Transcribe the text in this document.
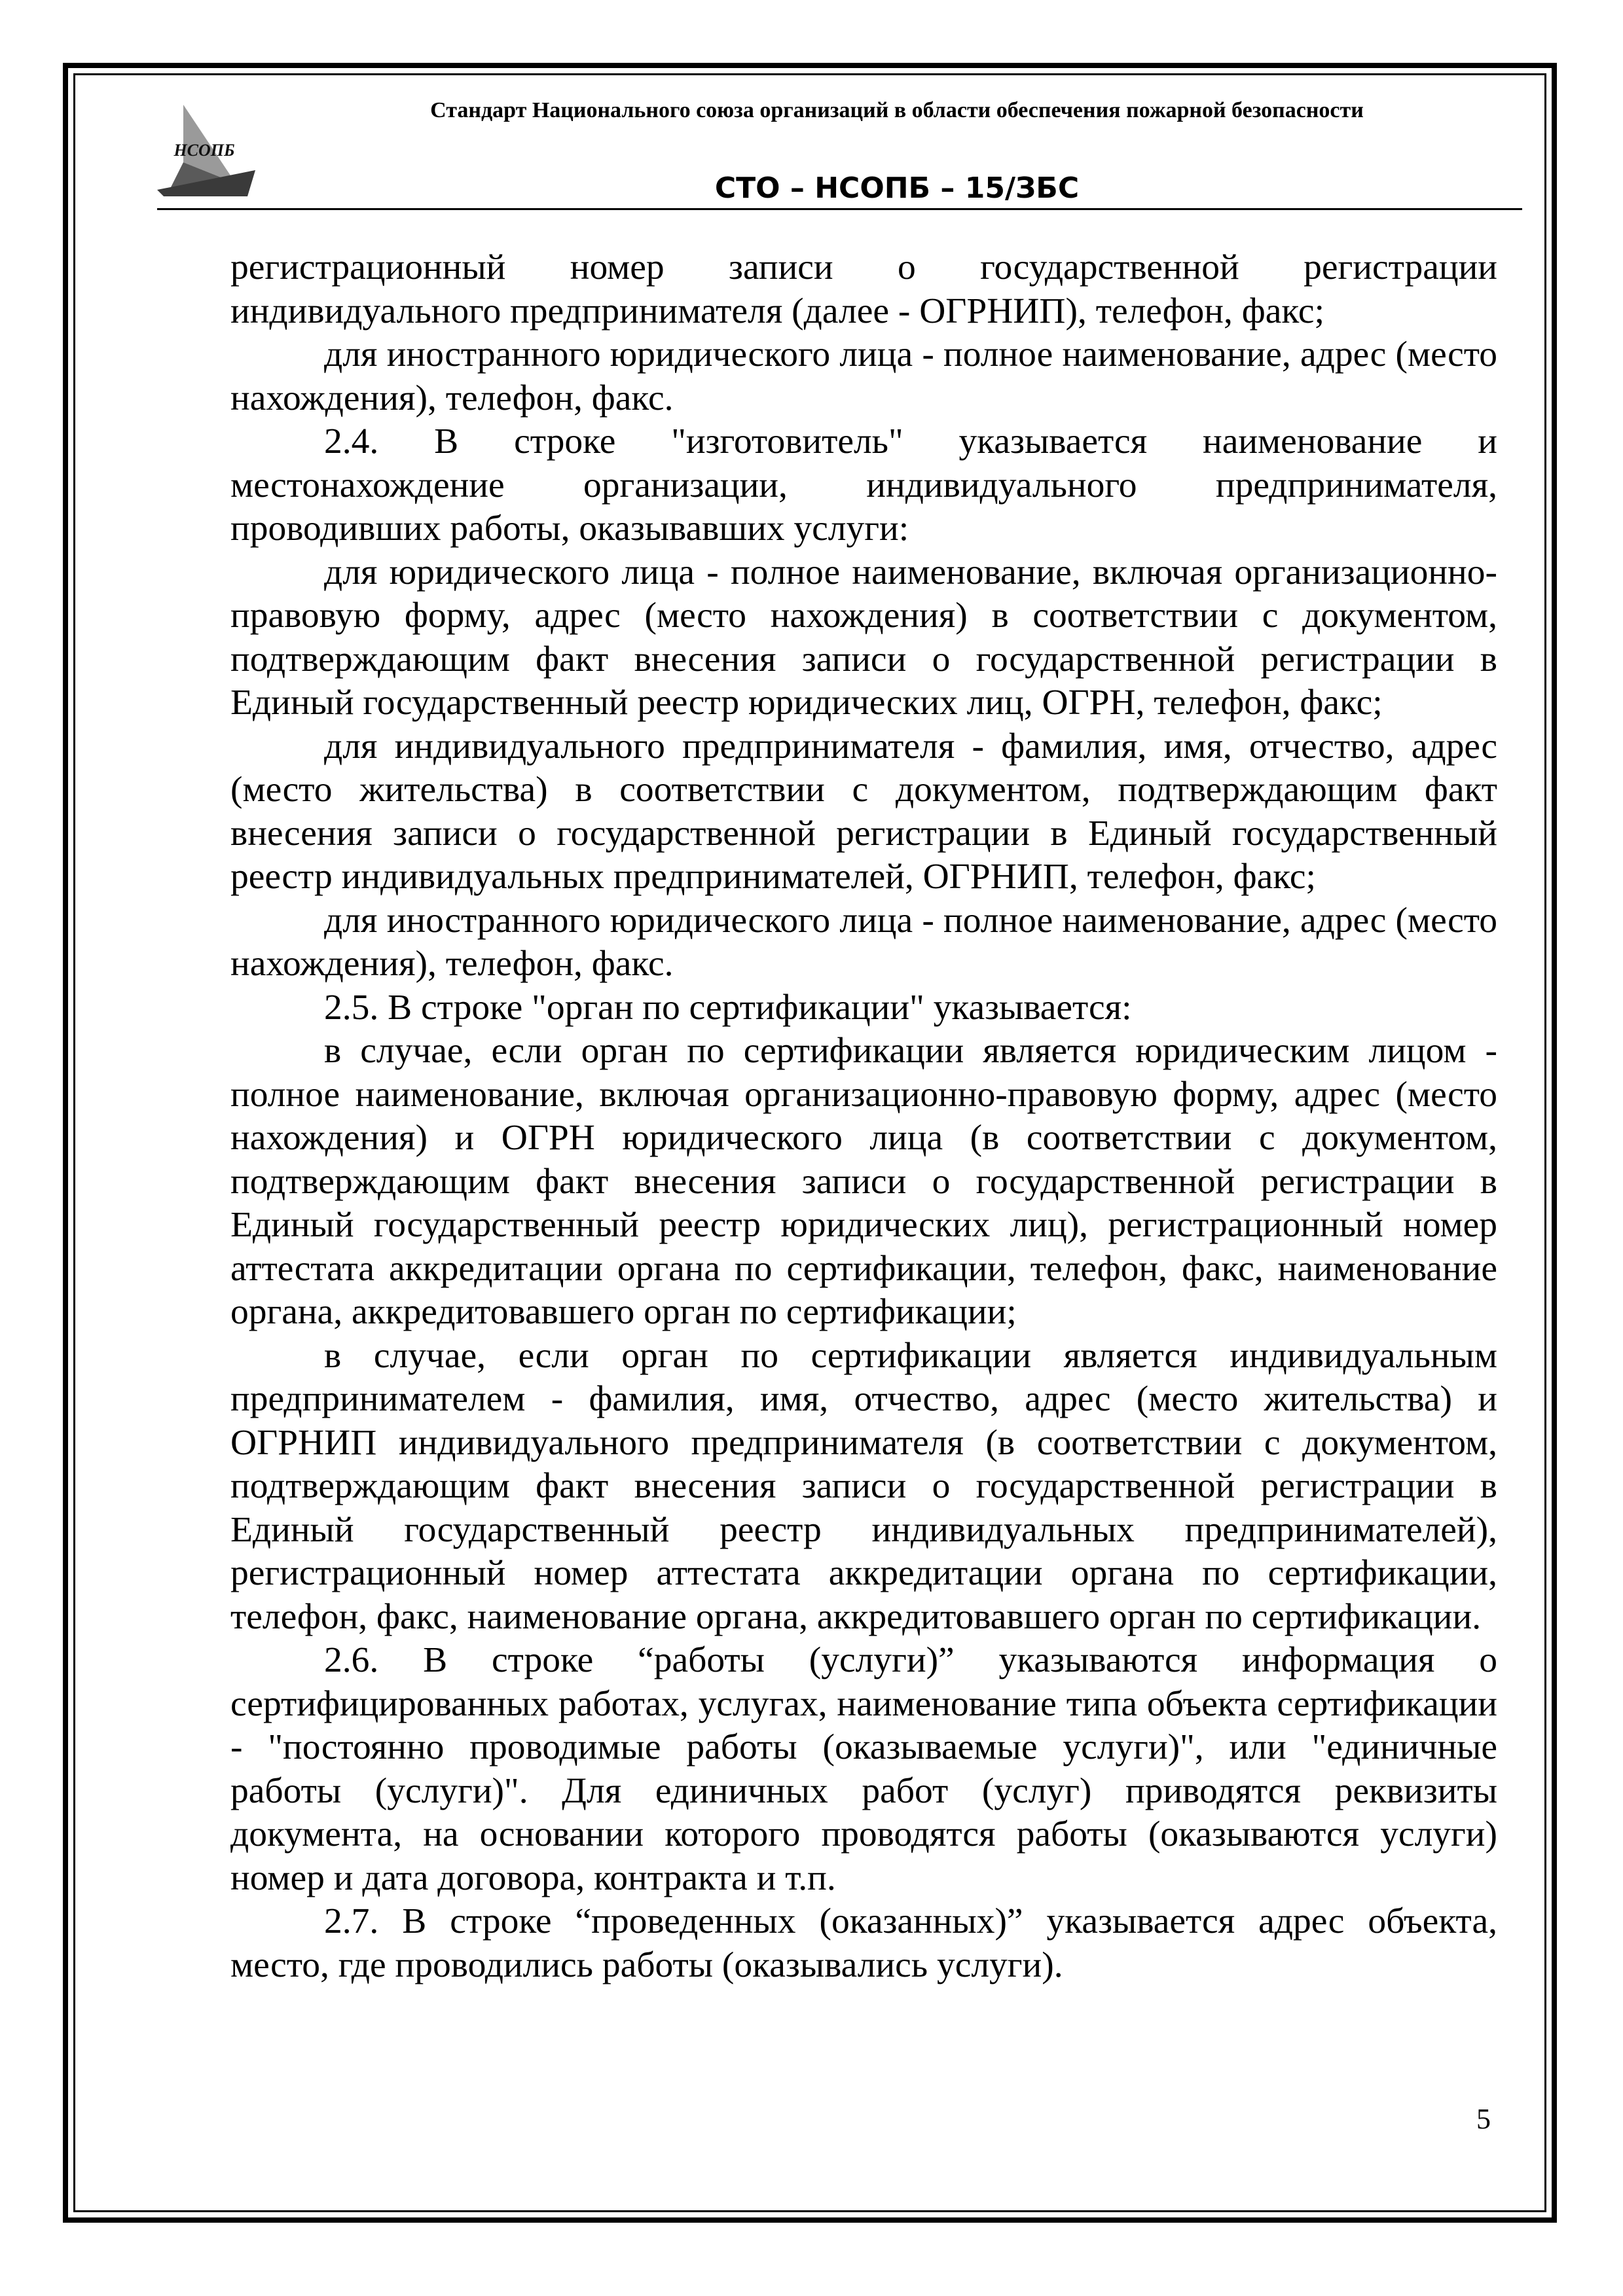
НСОПБ
Стандарт Национального союза организаций в области обеспечения пожарной безопасности
СТО – НСОПБ – 15/ЗБС

регистрационный номер записи о государственной регистрации индивидуального предпринимателя (далее - ОГРНИП), телефон, факс;

для иностранного юридического лица - полное наименование, адрес (место нахождения), телефон, факс.

2.4. В строке "изготовитель" указывается наименование и местонахождение организации, индивидуального предпринимателя, проводивших работы, оказывавших услуги:

для юридического лица - полное наименование, включая организационно-правовую форму, адрес (место нахождения) в соответствии с документом, подтверждающим факт внесения записи о государственной регистрации в Единый государственный реестр юридических лиц, ОГРН, телефон, факс;

для индивидуального предпринимателя - фамилия, имя, отчество, адрес (место жительства) в соответствии с документом, подтверждающим факт внесения записи о государственной регистрации в Единый государственный реестр индивидуальных предпринимателей, ОГРНИП, телефон, факс;

для иностранного юридического лица - полное наименование, адрес (место нахождения), телефон, факс.

2.5. В строке "орган по сертификации" указывается:

в случае, если орган по сертификации является юридическим лицом - полное наименование, включая организационно-правовую форму, адрес (место нахождения) и ОГРН юридического лица (в соответствии с документом, подтверждающим факт внесения записи о государственной регистрации в Единый государственный реестр юридических лиц), регистрационный номер аттестата аккредитации органа по сертификации, телефон, факс, наименование органа, аккредитовавшего орган по сертификации;

в случае, если орган по сертификации является индивидуальным предпринимателем - фамилия, имя, отчество, адрес (место жительства) и ОГРНИП индивидуального предпринимателя (в соответствии с документом, подтверждающим факт внесения записи о государственной регистрации в Единый государственный реестр индивидуальных предпринимателей), регистрационный номер аттестата аккредитации органа по сертификации, телефон, факс, наименование органа, аккредитовавшего орган по сертификации.

2.6. В строке “работы (услуги)” указываются информация о сертифицированных работах, услугах, наименование типа объекта сертификации - "постоянно проводимые работы (оказываемые услуги)", или "единичные работы (услуги)". Для единичных работ (услуг) приводятся реквизиты документа, на основании которого проводятся работы (оказываются услуги) номер и дата договора, контракта и т.п.

2.7. В строке “проведенных (оказанных)” указывается адрес объекта, место, где проводились работы (оказывались услуги).

5
